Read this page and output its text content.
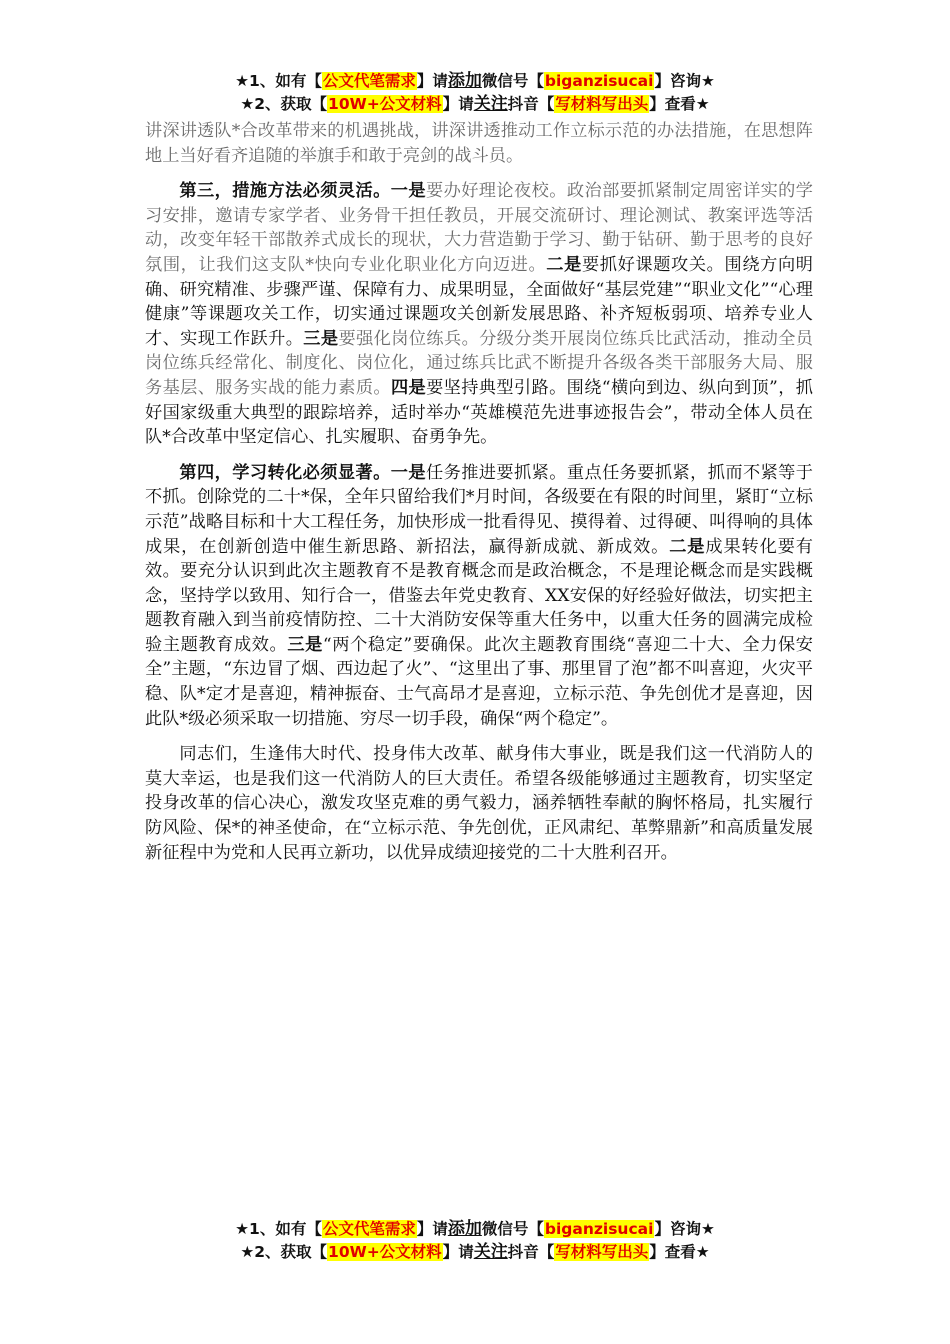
★1、如有【公文代笔需求】请添加微信号【biganzisucai】咨询★
★2、获取【10W+公文材料】请关注抖音【写材料写出头】查看★

讲深讲透队*合改革带来的机遇挑战，讲深讲透推动工作立标示范的办法措施，在思想阵地上当好看齐追随的举旗手和敢于亮剑的战斗员。

第三，措施方法必须灵活。一是要办好理论夜校。政治部要抓紧制定周密详实的学习安排，邀请专家学者、业务骨干担任教员，开展交流研讨、理论测试、教案评选等活动，改变年轻干部散养式成长的现状，大力营造勤于学习、勤于钻研、勤于思考的良好氛围，让我们这支队*快向专业化职业化方向迈进。二是要抓好课题攻关。围绕方向明确、研究精准、步骤严谨、保障有力、成果明显，全面做好“基层党建”“职业文化”“心理健康”等课题攻关工作，切实通过课题攻关创新发展思路、补齐短板弱项、培养专业人才、实现工作跃升。三是要强化岗位练兵。分级分类开展岗位练兵比武活动，推动全员岗位练兵经常化、制度化、岗位化，通过练兵比武不断提升各级各类干部服务大局、服务基层、服务实战的能力素质。四是要坚持典型引路。围绕“横向到边、纵向到顶”，抓好国家级重大典型的跟踪培养，适时举办“英雄模范先进事迹报告会”，带动全体人员在队*合改革中坚定信心、扎实履职、奋勇争先。

第四，学习转化必须显著。一是任务推进要抓紧。重点任务要抓紧，抓而不紧等于不抓。创除党的二十*保，全年只留给我们*月时间，各级要在有限的时间里，紧盯“立标示范”战略目标和十大工程任务，加快形成一批看得见、摸得着、过得硬、叫得响的具体成果，在创新创造中催生新思路、新招法，赢得新成就、新成效。二是成果转化要有效。要充分认识到此次主题教育不是教育概念而是政治概念，不是理论概念而是实践概念，坚持学以致用、知行合一，借鉴去年党史教育、XX安保的好经验好做法，切实把主题教育融入到当前疫情防控、二十大消防安保等重大任务中，以重大任务的圆满完成检验主题教育成效。三是“两个稳定”要确保。此次主题教育围绕“喜迎二十大、全力保安全”主题，“东边冒了烟、西边起了火”、“这里出了事、那里冒了泡”都不叫喜迎，火灾平稳、队*定才是喜迎，精神振奋、士气高昂才是喜迎，立标示范、争先创优才是喜迎，因此队*级必须采取一切措施、穷尽一切手段，确保“两个稳定”。

同志们，生逢伟大时代、投身伟大改革、献身伟大事业，既是我们这一代消防人的莫大幸运，也是我们这一代消防人的巨大责任。希望各级能够通过主题教育，切实坚定投身改革的信心决心，激发攻坚克难的勇气毅力，涵养牺牲奉献的胸怀格局，扎实履行防风险、保*的神圣使命，在“立标示范、争先创优，正风肃纪、革弊鼎新”和高质量发展新征程中为党和人民再立新功，以优异成绩迎接党的二十大胜利召开。

★1、如有【公文代笔需求】请添加微信号【biganzisucai】咨询★
★2、获取【10W+公文材料】请关注抖音【写材料写出头】查看★
